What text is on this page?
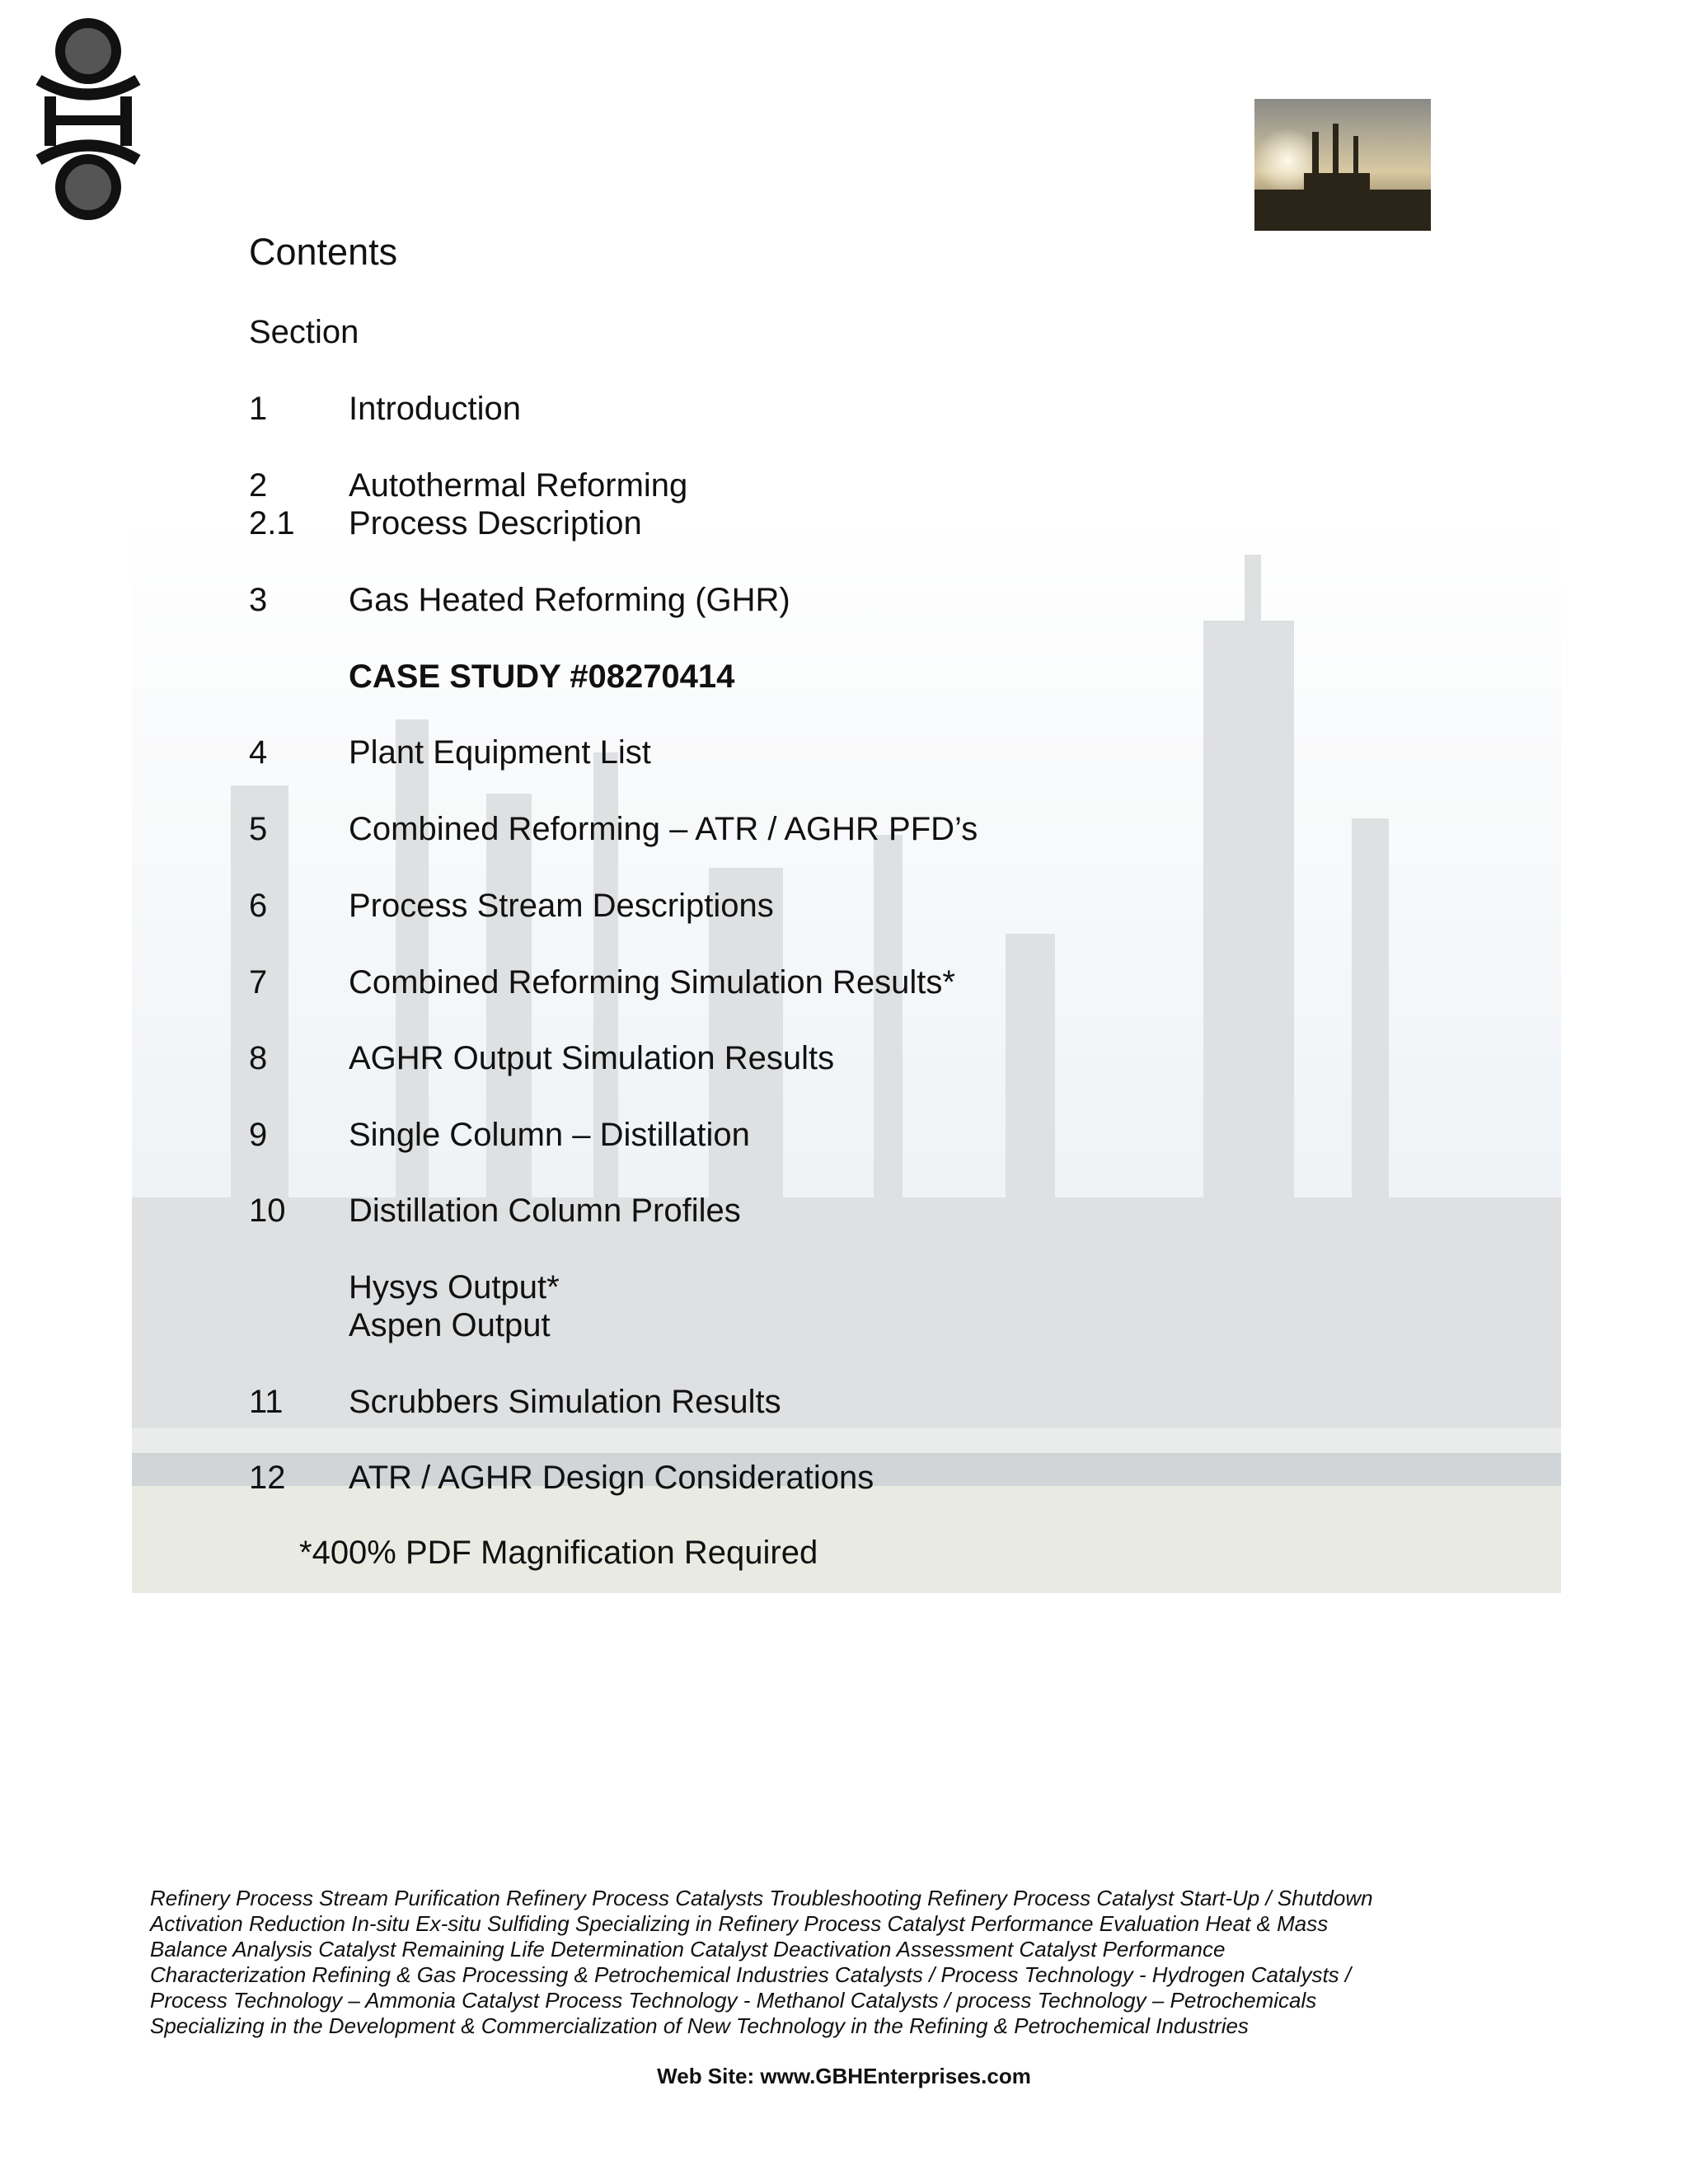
Contents
Section
1 Introduction
2 Autothermal Reforming
2.1 Process Description
3 Gas Heated Reforming (GHR)
CASE STUDY #08270414
4 Plant Equipment List
5 Combined Reforming – ATR / AGHR PFD’s
6 Process Stream Descriptions
7 Combined Reforming Simulation Results*
8 AGHR Output Simulation Results
9 Single Column – Distillation
10 Distillation Column Profiles
Hysys Output*
Aspen Output
11 Scrubbers Simulation Results
12 ATR / AGHR Design Considerations
*400% PDF Magnification Required
Refinery Process Stream Purification Refinery Process Catalysts Troubleshooting Refinery Process Catalyst Start-Up / Shutdown
Activation Reduction In-situ Ex-situ Sulfiding Specializing in Refinery Process Catalyst Performance Evaluation Heat & Mass
Balance Analysis Catalyst Remaining Life Determination Catalyst Deactivation Assessment Catalyst Performance
Characterization Refining & Gas Processing & Petrochemical Industries Catalysts / Process Technology - Hydrogen Catalysts /
Process Technology – Ammonia Catalyst Process Technology - Methanol Catalysts / process Technology – Petrochemicals
Specializing in the Development & Commercialization of New Technology in the Refining & Petrochemical Industries
Web Site: www.GBHEnterprises.com
